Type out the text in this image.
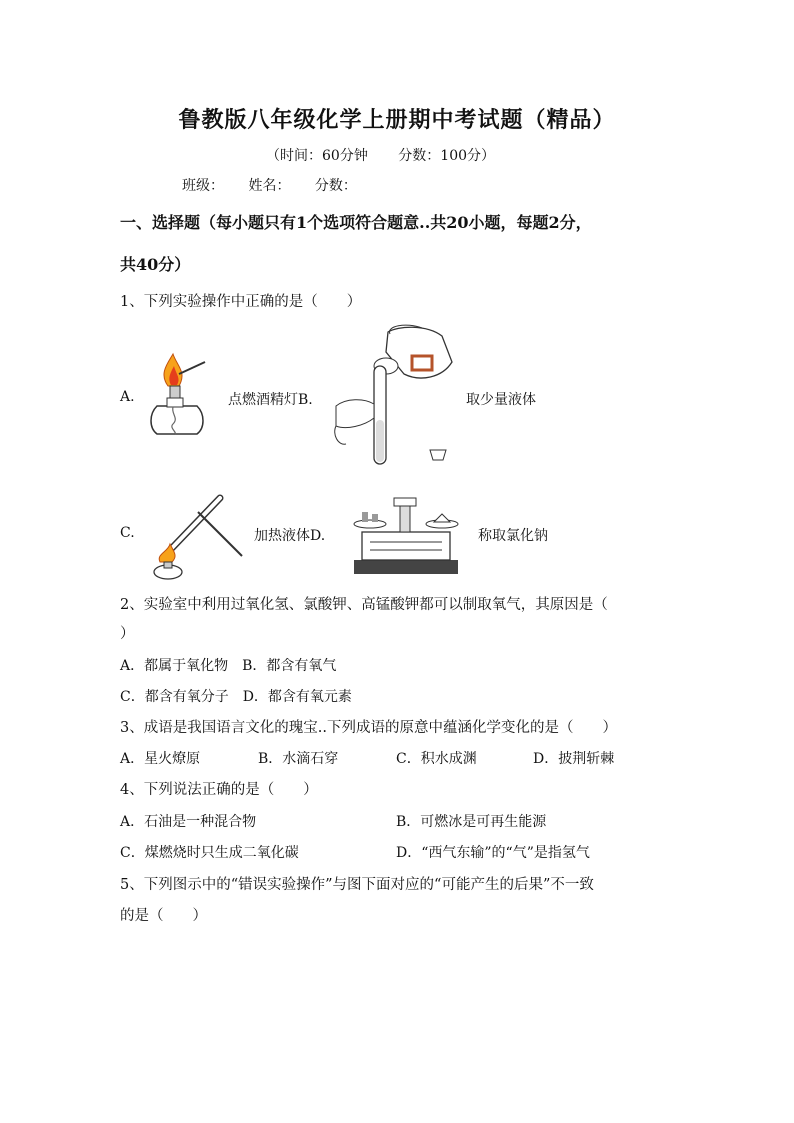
鲁教版八年级化学上册期中考试题（精品）
（时间：60分钟 分数：100分）
班级： 姓名： 分数：
一、选择题（每小题只有1个选项符合题意..共20小题，每题2分，
共40分）
1、下列实验操作中正确的是（　　）
A.	点燃酒精灯B.	取少量液体
C.	加热液体D.	称取氯化钠
2、实验室中利用过氧化氢、氯酸钾、高锰酸钾都可以制取氧气，其原因是（
）
A．都属于氧化物　B．都含有氧气
C．都含有氧分子　D．都含有氧元素
3、成语是我国语言文化的瑰宝..下列成语的原意中蕴涵化学变化的是（　　）
A．星火燎原	B．水滴石穿	C．积水成渊	D．披荆斩棘
4、下列说法正确的是（　　）
A．石油是一种混合物	B．可燃冰是可再生能源
C．煤燃烧时只生成二氧化碳	D．“西气东输”的“气”是指氢气
5、下列图示中的“错误实验操作”与图下面对应的“可能产生的后果”不一致
的是（　　）
